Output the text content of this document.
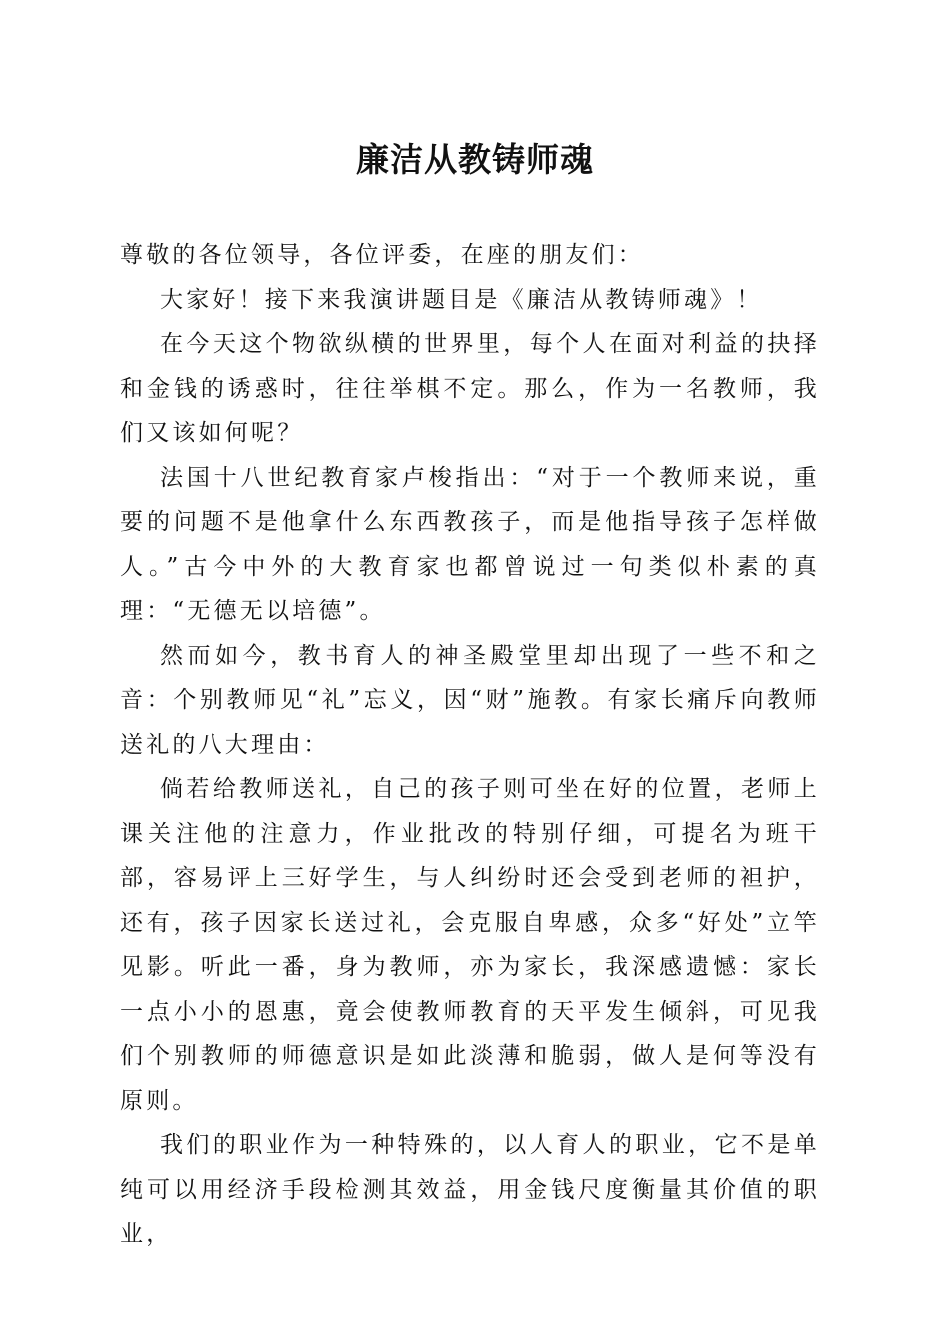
廉洁从教铸师魂

尊敬的各位领导，各位评委，在座的朋友们：

大家好！接下来我演讲题目是《廉洁从教铸师魂》！

在今天这个物欲纵横的世界里，每个人在面对利益的抉择和金钱的诱惑时，往往举棋不定。那么，作为一名教师，我们又该如何呢？

法国十八世纪教育家卢梭指出：“对于一个教师来说，重要的问题不是他拿什么东西教孩子，而是他指导孩子怎样做人。”古今中外的大教育家也都曾说过一句类似朴素的真理：“无德无以培德”。

然而如今，教书育人的神圣殿堂里却出现了一些不和之音：个别教师见“礼”忘义，因“财”施教。有家长痛斥向教师送礼的八大理由：

倘若给教师送礼，自己的孩子则可坐在好的位置，老师上课关注他的注意力，作业批改的特别仔细，可提名为班干部，容易评上三好学生，与人纠纷时还会受到老师的袒护，还有，孩子因家长送过礼，会克服自卑感，众多“好处”立竿见影。听此一番，身为教师，亦为家长，我深感遗憾：家长一点小小的恩惠，竟会使教师教育的天平发生倾斜，可见我们个别教师的师德意识是如此淡薄和脆弱，做人是何等没有原则。

我们的职业作为一种特殊的，以人育人的职业，它不是单纯可以用经济手段检测其效益，用金钱尺度衡量其价值的职业，
